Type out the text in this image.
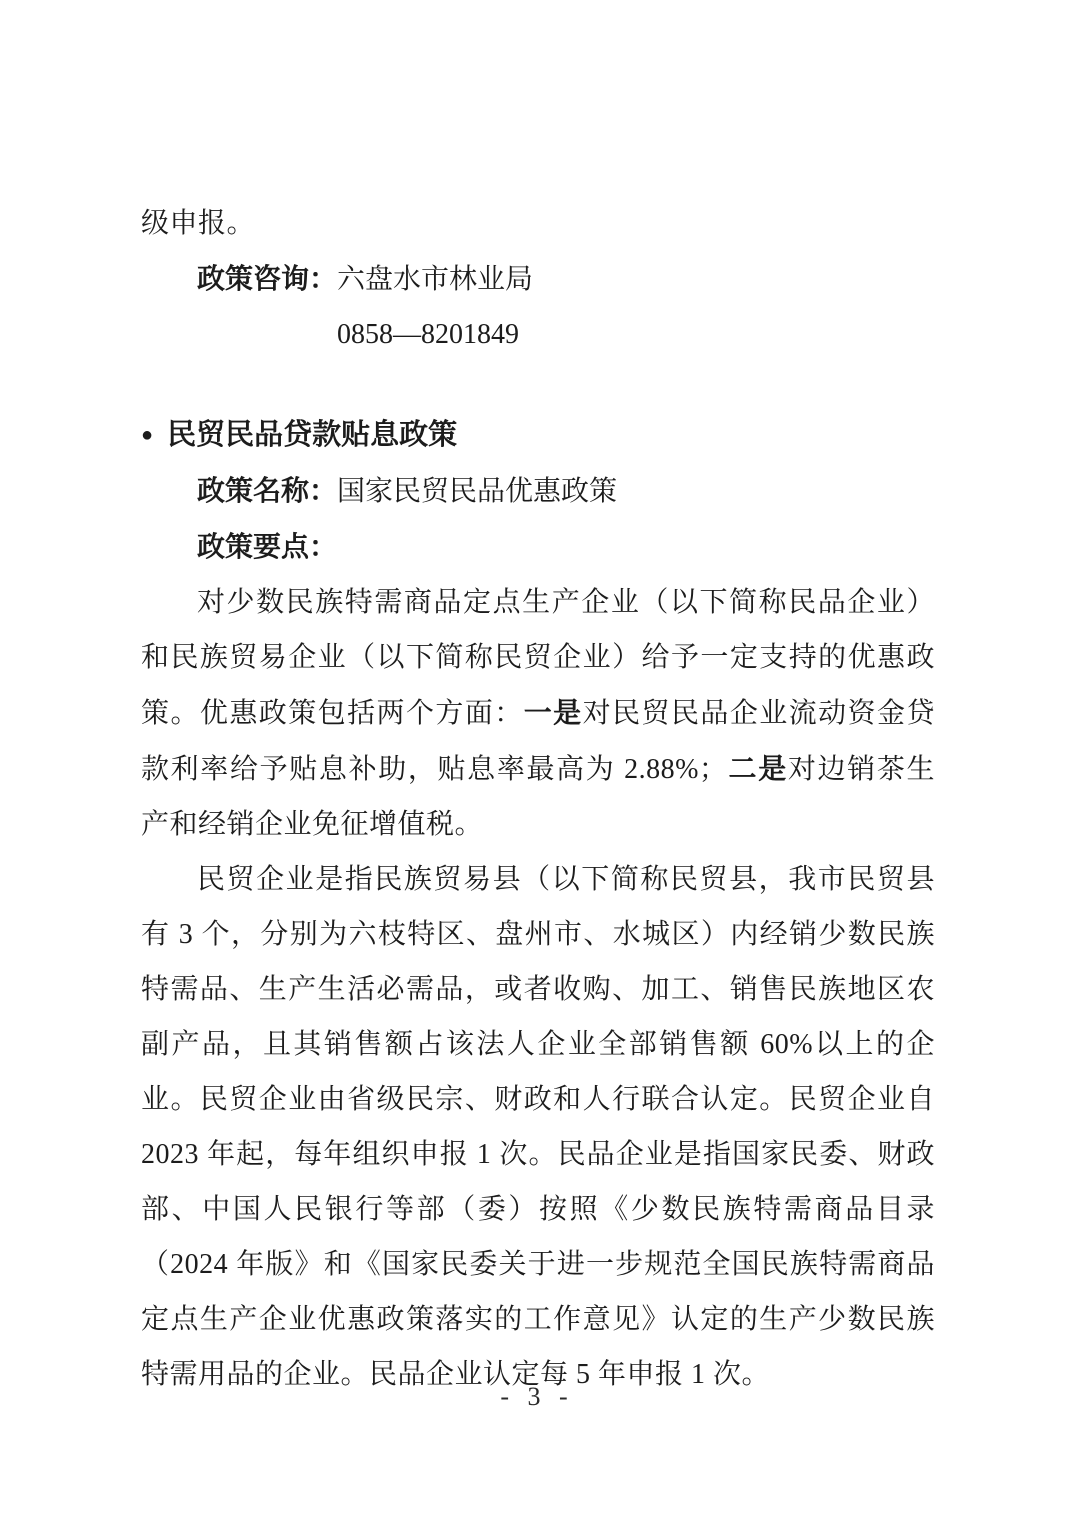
级申报。

政策咨询：六盘水市林业局

0858—8201849

● 民贸民品贷款贴息政策

政策名称：国家民贸民品优惠政策

政策要点：

对少数民族特需商品定点生产企业（以下简称民品企业）和民族贸易企业（以下简称民贸企业）给予一定支持的优惠政策。优惠政策包括两个方面：一是对民贸民品企业流动资金贷款利率给予贴息补助，贴息率最高为 2.88%；二是对边销茶生产和经销企业免征增值税。

民贸企业是指民族贸易县（以下简称民贸县，我市民贸县有 3 个，分别为六枝特区、盘州市、水城区）内经销少数民族特需品、生产生活必需品，或者收购、加工、销售民族地区农副产品，且其销售额占该法人企业全部销售额 60%以上的企业。民贸企业由省级民宗、财政和人行联合认定。民贸企业自 2023 年起，每年组织申报 1 次。民品企业是指国家民委、财政部、中国人民银行等部（委）按照《少数民族特需商品目录（2024 年版》和《国家民委关于进一步规范全国民族特需商品定点生产企业优惠政策落实的工作意见》认定的生产少数民族特需用品的企业。民品企业认定每 5 年申报 1 次。

- 3 -
